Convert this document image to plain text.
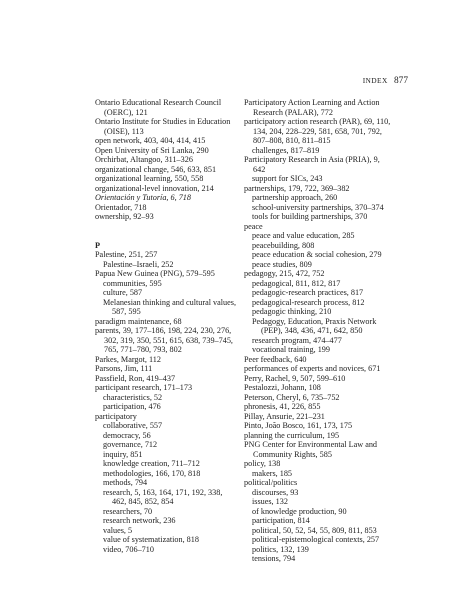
INDEX 877
Ontario Educational Research Council (OERC), 121
Ontario Institute for Studies in Education (OISE), 113
open network, 403, 404, 414, 415
Open University of Sri Lanka, 290
Orchirbat, Altangoo, 311–326
organizational change, 546, 633, 851
organizational learning, 550, 558
organizational-level innovation, 214
Orientación y Tutoría, 6, 718
Orientador, 718
ownership, 92–93
P
Palestine, 251, 257
Palestine–Israeli, 252
Papua New Guinea (PNG), 579–595
communities, 595
culture, 587
Melanesian thinking and cultural values, 587, 595
paradigm maintenance, 68
parents, 39, 177–186, 198, 224, 230, 276, 302, 319, 350, 551, 615, 638, 739–745, 765, 771–780, 793, 802
Parkes, Margot, 112
Parsons, Jim, 111
Passfield, Ron, 419–437
participant research, 171–173
characteristics, 52
participation, 476
participatory
collaborative, 557
democracy, 56
governance, 712
inquiry, 851
knowledge creation, 711–712
methodologies, 166, 170, 818
methods, 794
research, 5, 163, 164, 171, 192, 338, 462, 845, 852, 854
researchers, 70
research network, 236
values, 5
value of systematization, 818
video, 706–710
Participatory Action Learning and Action Research (PALAR), 772
participatory action research (PAR), 69, 110, 134, 204, 228–229, 581, 658, 701, 792, 807–808, 810, 811–815
challenges, 817–819
Participatory Research in Asia (PRIA), 9, 642
support for SICs, 243
partnerships, 179, 722, 369–382
partnership approach, 260
school-university partnerships, 370–374
tools for building partnerships, 370
peace
peace and value education, 285
peacebuilding, 808
peace education & social cohesion, 279
peace studies, 809
pedagogy, 215, 472, 752
pedagogical, 811, 812, 817
pedagogic-research practices, 817
pedagogical-research process, 812
pedagogic thinking, 210
Pedagogy, Education, Praxis Network (PEP), 348, 436, 471, 642, 850
research program, 474–477
vocational training, 199
Peer feedback, 640
performances of experts and novices, 671
Perry, Rachel, 9, 507, 599–610
Pestalozzi, Johann, 108
Peterson, Cheryl, 6, 735–752
phronesis, 41, 226, 855
Pillay, Ansurie, 221–231
Pinto, João Bosco, 161, 173, 175
planning the curriculum, 195
PNG Center for Environmental Law and Community Rights, 585
policy, 138
makers, 185
political/politics
discourses, 93
issues, 132
of knowledge production, 90
participation, 814
political, 50, 52, 54, 55, 809, 811, 853
political-epistemological contexts, 257
politics, 132, 139
tensions, 794
